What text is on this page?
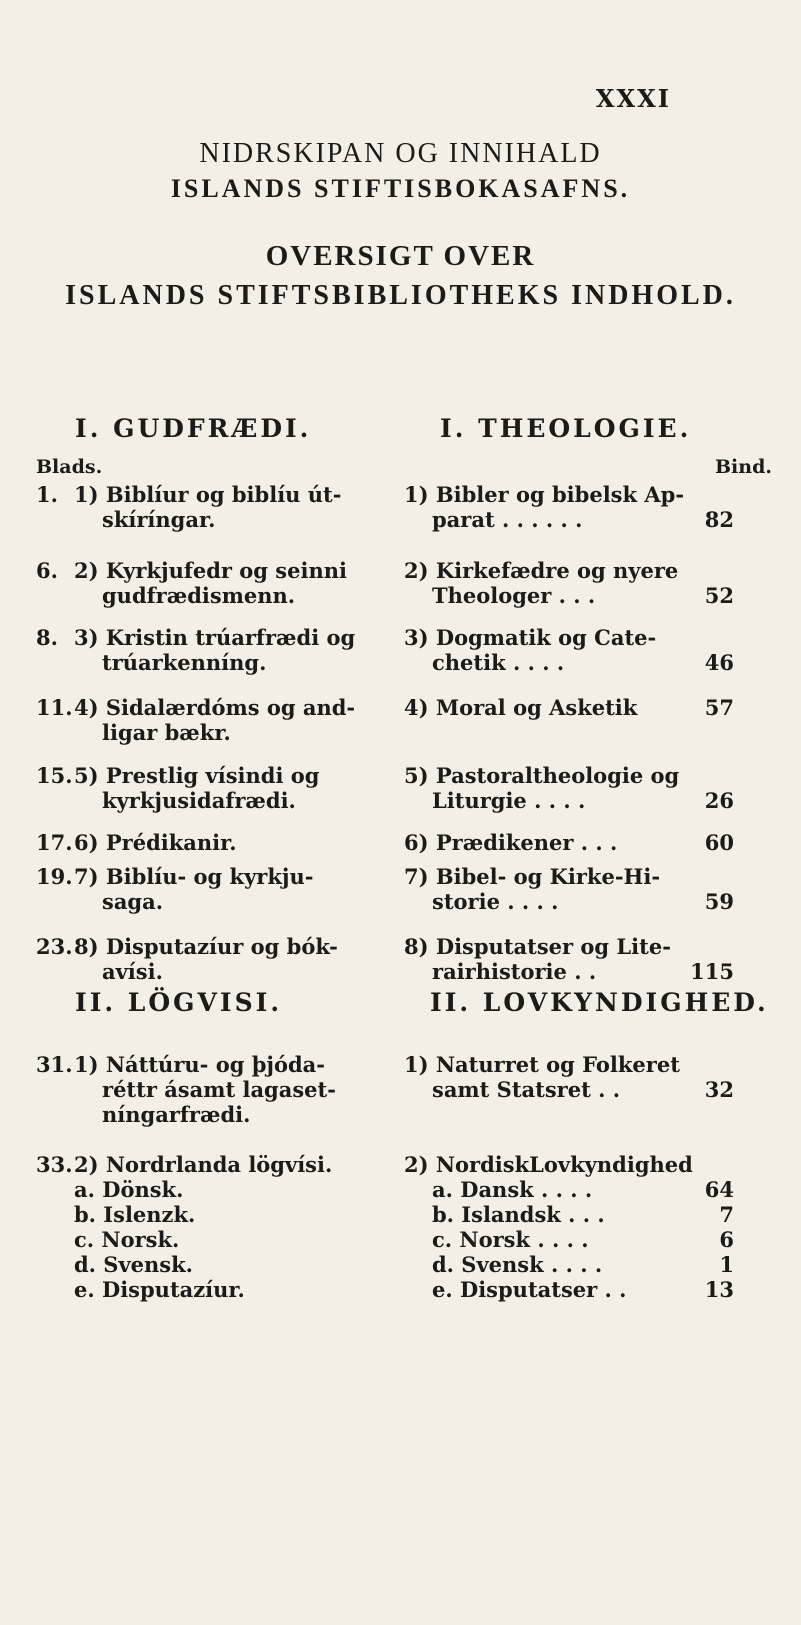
XXXI
NIDRSKIPAN OG INNIHALD
ISLANDS STIFTISBOKASAFNS.
OVERSIGT OVER
ISLANDS STIFTSBIBLIOTHEKS INDHOLD.
I. GUDFRÆDI.	I. THEOLOGIE.
Blads.	Bind.
1. 1) Biblíur og biblíu út-
skíríngar.
6. 2) Kyrkjufedr og seinni
gudfrædismenn.
8. 3) Kristin trúarfrædi og
trúarkenníng.
11. 4) Sidalærdóms og and-
ligar bækr.
15. 5) Prestlig vísindi og
kyrkjusidafrædi.
17. 6) Prédikanir.
19. 7) Biblíu- og kyrkju-
saga.
23. 8) Disputazíur og bók-
avísi.
1) Bibler og bibelsk Ap-
parat . . . . . .	82
2) Kirkefædre og nyere
Theologer . . .	52
3) Dogmatik og Cate-
chetik . . . .	46
4) Moral og Asketik	57
5) Pastoraltheologie og
Liturgie . . . .	26
6) Prædikener . . .	60
7) Bibel- og Kirke-Hi-
storie . . . .	59
8) Disputatser og Lite-
rairhistorie . .	115
II. LÖGVISI.	II. LOVKYNDIGHED.
31. 1) Náttúru- og þjóda-
réttr ásamt lagaset-
níngarfrædi.
33. 2) Nordrlanda lögvísi.
a. Dönsk.
b. Islenzk.
c. Norsk.
d. Svensk.
e. Disputazíur.
1) Naturret og Folkeret
samt Statsret . .	32
2) NordiskLovkyndighed
a. Dansk . . . .	64
b. Islandsk . . .	7
c. Norsk . . . .	6
d. Svensk . . . .	1
e. Disputatser . .	13
